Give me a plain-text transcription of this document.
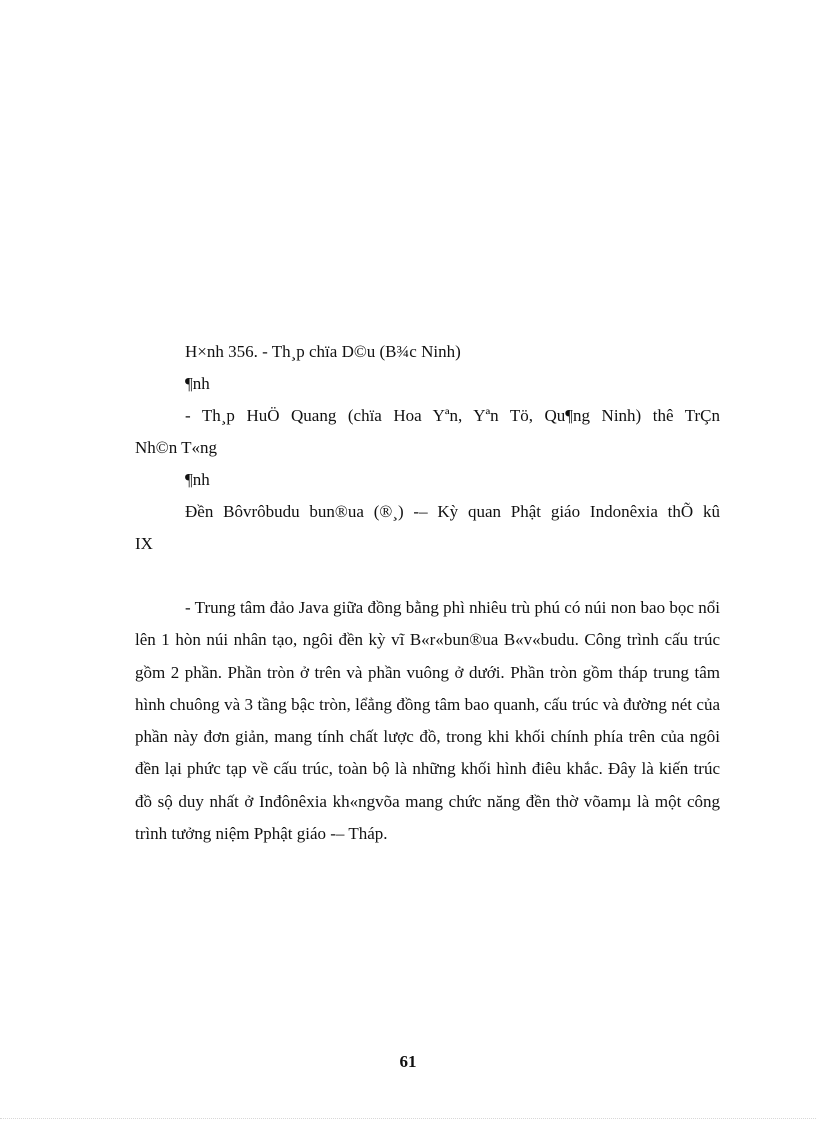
H×nh 356. - Th¸p chïa D©u (B¾c Ninh)
¶nh
- Th¸p HuÖ Quang (chïa Hoa Yªn, Yªn Tö, Qu¶ng Ninh) thê TrÇn
Nh©n T«ng
¶nh
Đền Bôvrôbudu bun®ua (®¸) -– Kỳ quan Phật giáo Indonêxia thÕ kû
IX
- Trung tâm đảo Java giữa đồng bằng phì nhiêu trù phú có núi non bao bọc nổi lên 1 hòn núi nhân tạo, ngôi đền kỳ vĩ B«r«bun®ua B«v«budu. Công trình cấu trúc gồm 2 phần. Phần tròn ở trên và phần vuông ở dưới. Phần tròn gồm tháp trung tâm hình chuông và 3 tầng bậc tròn, lểẳng đồng tâm bao quanh, cấu trúc và đường nét của phần này đơn giản, mang tính chất lược đồ, trong khi khối chính phía trên của ngôi đền lại phức tạp về cấu trúc, toàn bộ là những khối hình điêu khắc. Đây là kiến trúc đồ sộ duy nhất ở Inđônêxia kh«ngvõa mang chức năng đền thờ võamµ là một công trình tưởng niệm Pphật giáo -– Tháp.
61
